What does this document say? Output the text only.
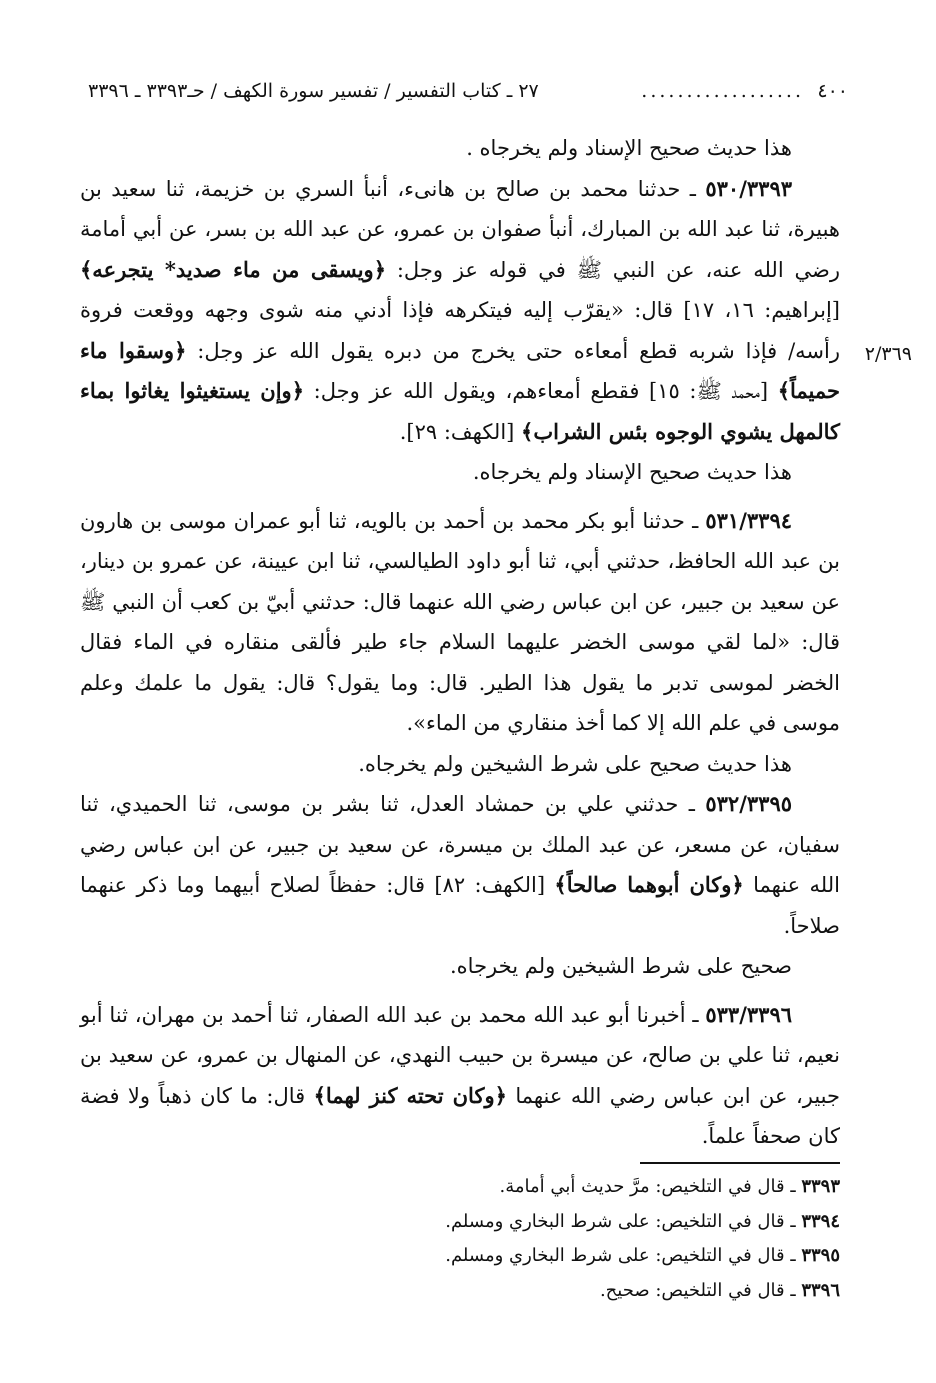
٤٠٠
..................
٢٧ ـ كتاب التفسير / تفسير سورة الكهف / حـ٣٣٩٣ ـ ٣٣٩٦
٢/٣٦٩

هذا حديث صحيح الإسناد ولم يخرجاه .

٥٣٠/٣٣٩٣ ـ حدثنا محمد بن صالح بن هانىء، أنبأ السري بن خزيمة، ثنا سعيد بن هبيرة، ثنا عبد الله بن المبارك، أنبأ صفوان بن عمرو، عن عبد الله بن بسر، عن أبي أمامة رضي الله عنه، عن النبي ﷺ في قوله عز وجل: ﴿ويسقى من ماء صديد* يتجرعه﴾ [إبراهيم: ١٦، ١٧] قال: «يقرّب إليه فيتكرهه فإذا أدني منه شوى وجهه ووقعت فروة رأسه/ فإذا شربه قطع أمعاءه حتى يخرج من دبره يقول الله عز وجل: ﴿وسقوا ماء حميماً﴾ [محمد ﷺ: ١٥] فقطع أمعاءهم، ويقول الله عز وجل: ﴿وإن يستغيثوا يغاثوا بماء كالمهل يشوي الوجوه بئس الشراب﴾ [الكهف: ٢٩].

هذا حديث صحيح الإسناد ولم يخرجاه.

٥٣١/٣٣٩٤ ـ حدثنا أبو بكر محمد بن أحمد بن بالويه، ثنا أبو عمران موسى بن هارون بن عبد الله الحافظ، حدثني أبي، ثنا أبو داود الطيالسي، ثنا ابن عيينة، عن عمرو بن دينار، عن سعيد بن جبير، عن ابن عباس رضي الله عنهما قال: حدثني أبيّ بن كعب أن النبي ﷺ قال: «لما لقي موسى الخضر عليهما السلام جاء طير فألقى منقاره في الماء فقال الخضر لموسى تدبر ما يقول هذا الطير. قال: وما يقول؟ قال: يقول ما علمك وعلم موسى في علم الله إلا كما أخذ منقاري من الماء».

هذا حديث صحيح على شرط الشيخين ولم يخرجاه.

٥٣٢/٣٣٩٥ ـ حدثني علي بن حمشاد العدل، ثنا بشر بن موسى، ثنا الحميدي، ثنا سفيان، عن مسعر، عن عبد الملك بن ميسرة، عن سعيد بن جبير، عن ابن عباس رضي الله عنهما ﴿وكان أبوهما صالحاً﴾ [الكهف: ٨٢] قال: حفظاً لصلاح أبيهما وما ذكر عنهما صلاحاً.

صحيح على شرط الشيخين ولم يخرجاه.

٥٣٣/٣٣٩٦ ـ أخبرنا أبو عبد الله محمد بن عبد الله الصفار، ثنا أحمد بن مهران، ثنا أبو نعيم، ثنا علي بن صالح، عن ميسرة بن حبيب النهدي، عن المنهال بن عمرو، عن سعيد بن جبير، عن ابن عباس رضي الله عنهما ﴿وكان تحته كنز لهما﴾ قال: ما كان ذهباً ولا فضة كان صحفاً علماً.

٣٣٩٣ ـ قال في التلخيص: مرَّ حديث أبي أمامة.

٣٣٩٤ ـ قال في التلخيص: على شرط البخاري ومسلم.

٣٣٩٥ ـ قال في التلخيص: على شرط البخاري ومسلم.

٣٣٩٦ ـ قال في التلخيص: صحيح.
